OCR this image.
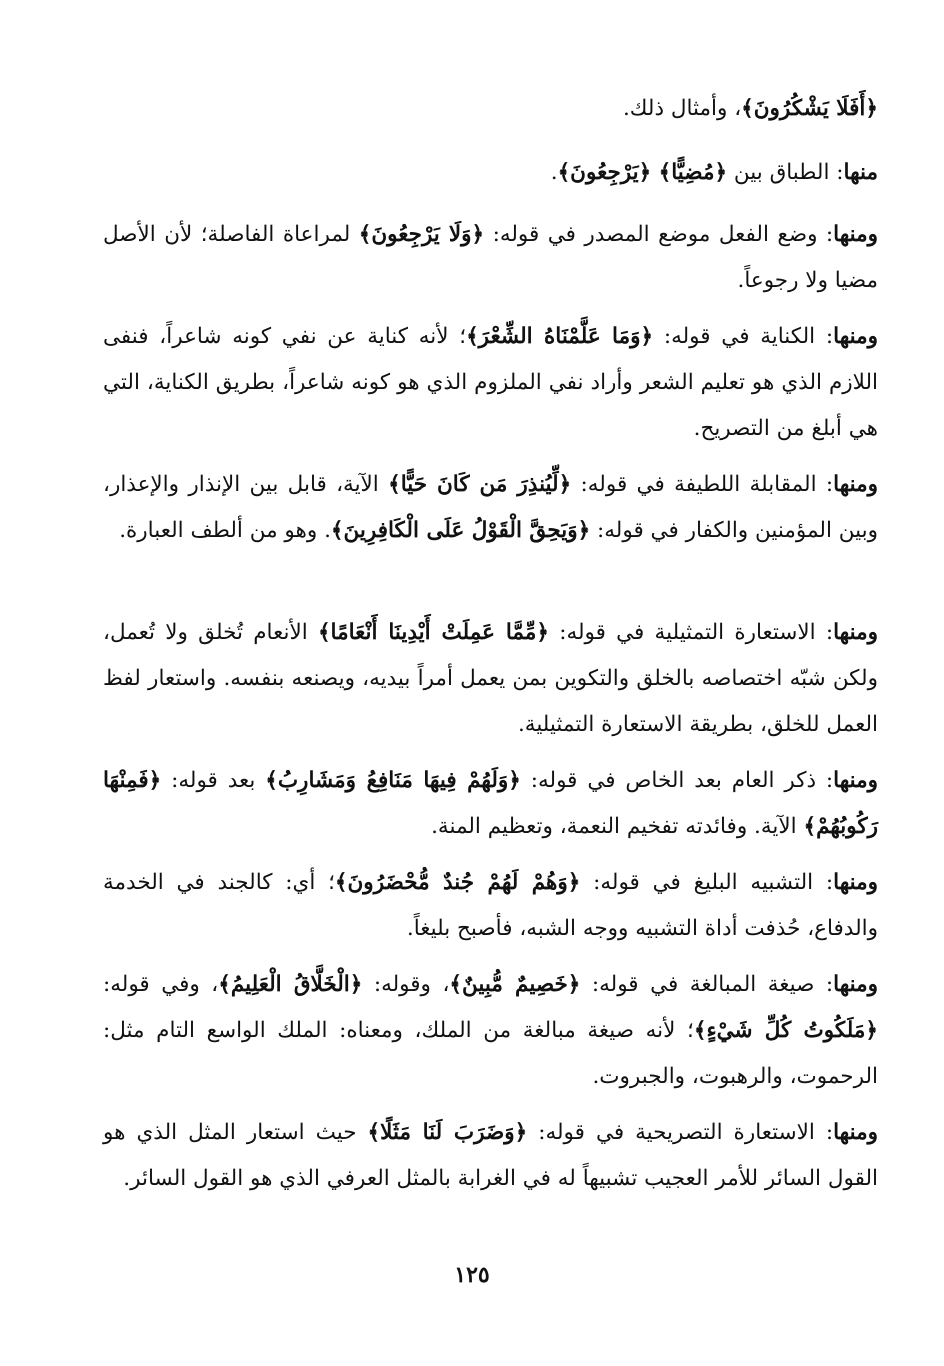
﴿أَفَلَا يَشْكُرُونَ﴾، وأمثال ذلك.

منها: الطباق بين ﴿مُضِيًّا﴾ ﴿يَرْجِعُونَ﴾.

ومنها: وضع الفعل موضع المصدر في قوله: ﴿وَلَا يَرْجِعُونَ﴾ لمراعاة الفاصلة؛ لأن الأصل مضيا ولا رجوعاً.

ومنها: الكناية في قوله: ﴿وَمَا عَلَّمْنَاهُ الشِّعْرَ﴾؛ لأنه كناية عن نفي كونه شاعراً، فنفى اللازم الذي هو تعليم الشعر وأراد نفي الملزوم الذي هو كونه شاعراً، بطريق الكناية، التي هي أبلغ من التصريح.

ومنها: المقابلة اللطيفة في قوله: ﴿لِّيُنذِرَ مَن كَانَ حَيًّا﴾ الآية، قابل بين الإنذار والإعذار، وبين المؤمنين والكفار في قوله: ﴿وَيَحِقَّ الْقَوْلُ عَلَى الْكَافِرِينَ﴾. وهو من ألطف العبارة.

ومنها: الاستعارة التمثيلية في قوله: ﴿مِّمَّا عَمِلَتْ أَيْدِينَا أَنْعَامًا﴾ الأنعام تُخلق ولا تُعمل، ولكن شبّه اختصاصه بالخلق والتكوين بمن يعمل أمراً بيديه، ويصنعه بنفسه. واستعار لفظ العمل للخلق، بطريقة الاستعارة التمثيلية.

ومنها: ذكر العام بعد الخاص في قوله: ﴿وَلَهُمْ فِيهَا مَنَافِعُ وَمَشَارِبُ﴾ بعد قوله: ﴿فَمِنْهَا رَكُوبُهُمْ﴾ الآية. وفائدته تفخيم النعمة، وتعظيم المنة.

ومنها: التشبيه البليغ في قوله: ﴿وَهُمْ لَهُمْ جُندٌ مُّحْضَرُونَ﴾؛ أي: كالجند في الخدمة والدفاع، حُذفت أداة التشبيه ووجه الشبه، فأصبح بليغاً.

ومنها: صيغة المبالغة في قوله: ﴿خَصِيمٌ مُّبِينٌ﴾، وقوله: ﴿الْخَلَّاقُ الْعَلِيمُ﴾، وفي قوله: ﴿مَلَكُوتُ كُلِّ شَيْءٍ﴾؛ لأنه صيغة مبالغة من الملك، ومعناه: الملك الواسع التام مثل: الرحموت، والرهبوت، والجبروت.

ومنها: الاستعارة التصريحية في قوله: ﴿وَضَرَبَ لَنَا مَثَلًا﴾ حيث استعار المثل الذي هو القول السائر للأمر العجيب تشبيهاً له في الغرابة بالمثل العرفي الذي هو القول السائر.

١٢٥
